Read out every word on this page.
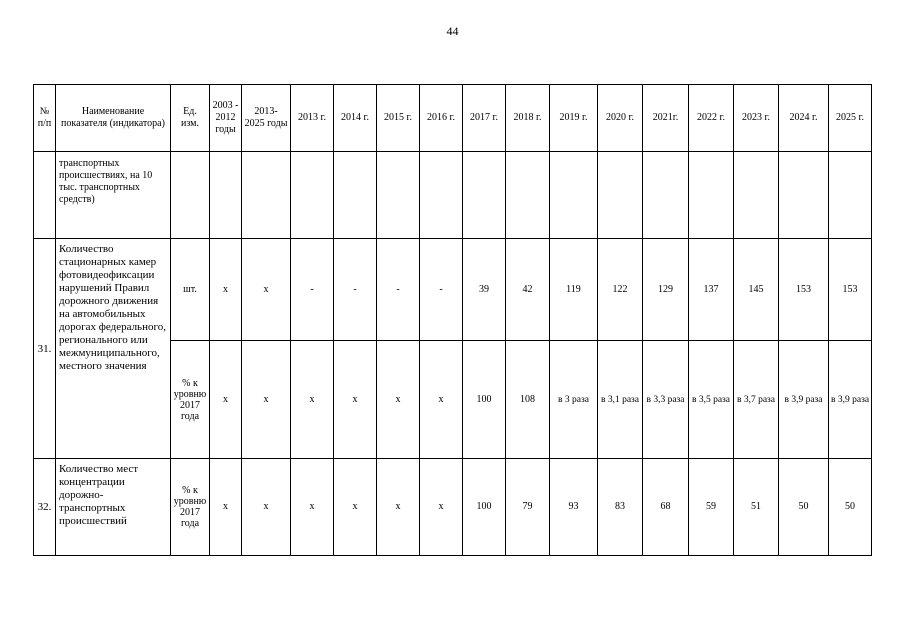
44
№ п/п	Наименование показателя (индикатора)	Ед. изм.	2003 - 2012 годы	2013- 2025 годы	2013 г.	2014 г.	2015 г.	2016 г.	2017 г.	2018 г.	2019 г.	2020 г.	2021г.	2022 г.	2023 г.	2024 г.	2025 г.
	транспортных происшествиях, на 10 тыс. транспортных средств)																
31.	Количество стационарных камер фотовидеофиксации нарушений Правил дорожного движения на автомобильных дорогах федерального, регионального или межмуниципального, местного значения	шт.	x	x	-	-	-	-	39	42	119	122	129	137	145	153	153
		% к уровню 2017 года	x	x	x	x	x	x	100	108	в 3 раза	в 3,1 раза	в 3,3 раза	в 3,5 раза	в 3,7 раза	в 3,9 раза	в 3,9 раза
32.	Количество мест концентрации дорожно-транспортных происшествий	% к уровню 2017 года	x	x	x	x	x	x	100	79	93	83	68	59	51	50	50
